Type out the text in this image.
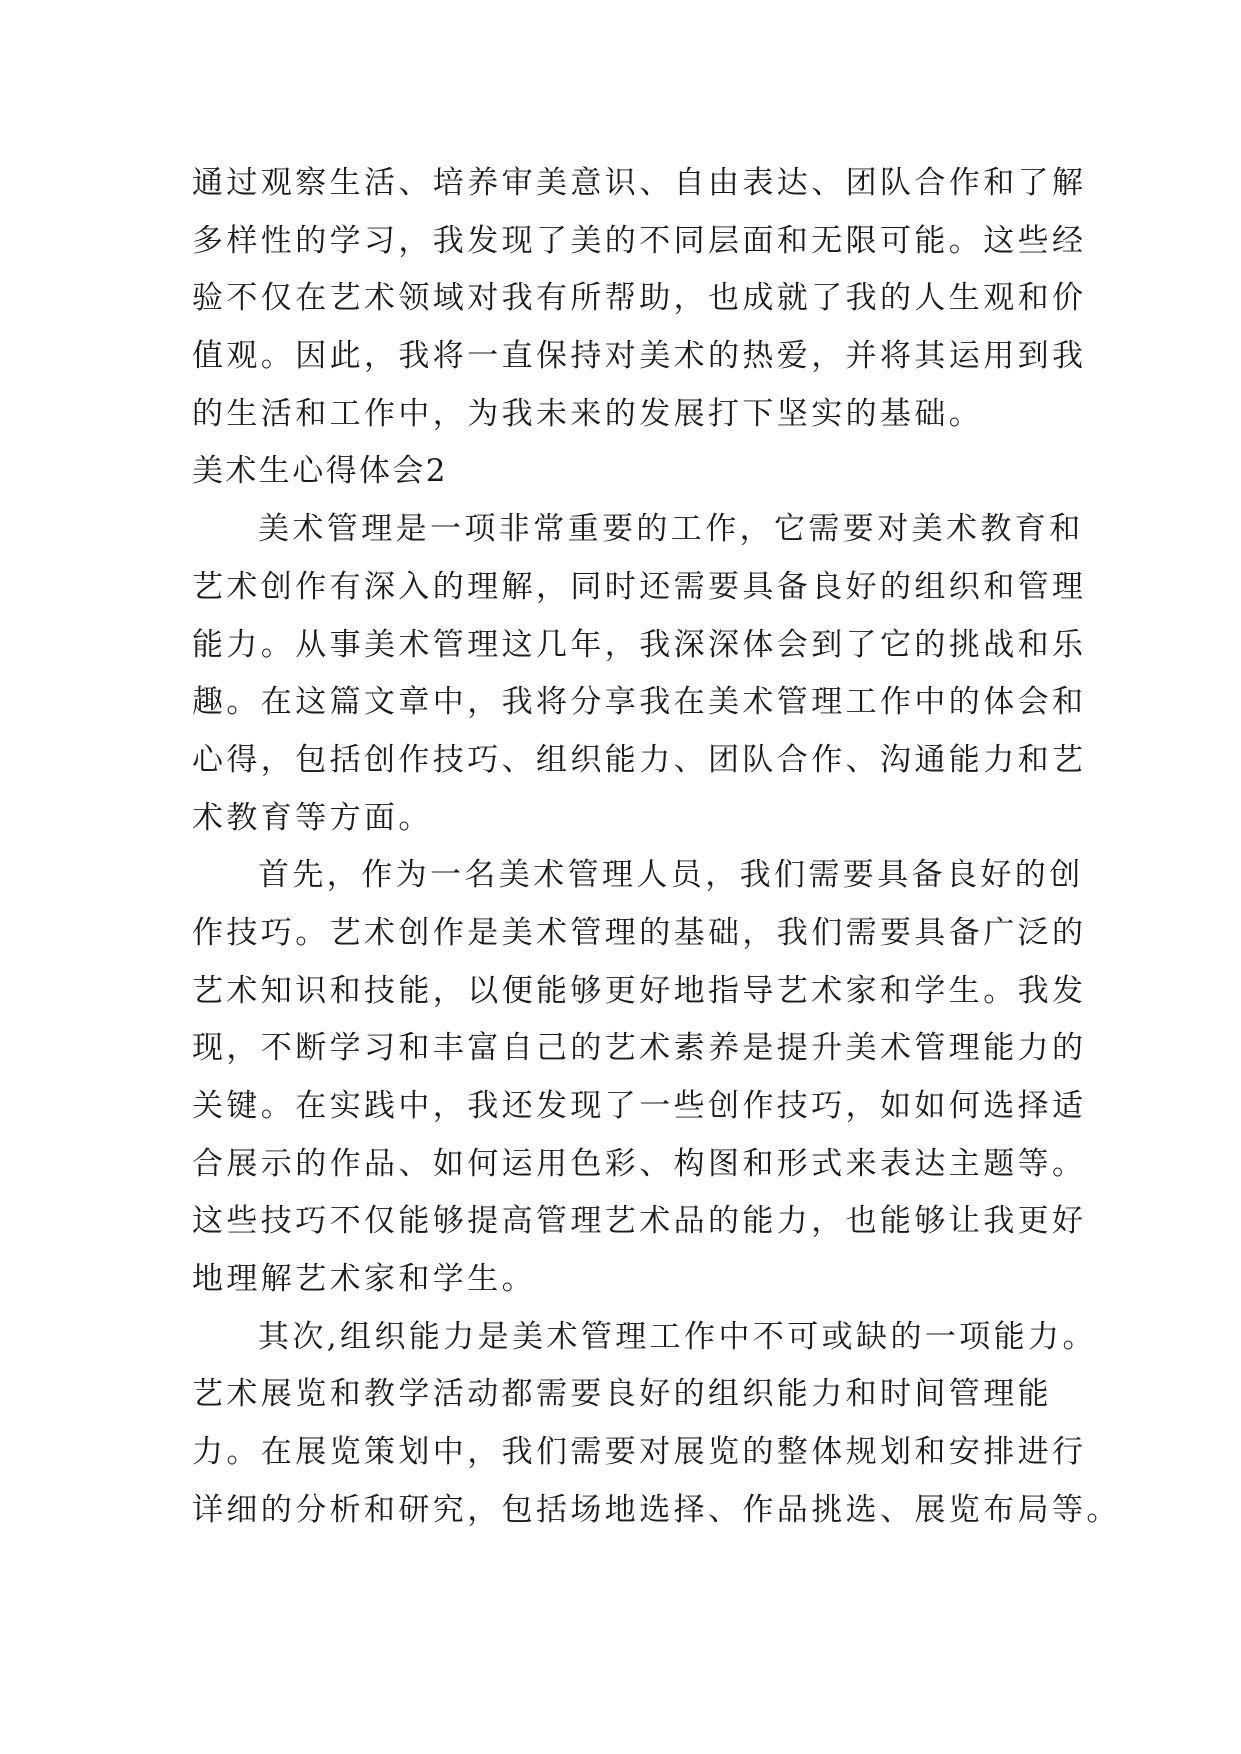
通过观察生活、培养审美意识、自由表达、团队合作和了解
多样性的学习，我发现了美的不同层面和无限可能。这些经
验不仅在艺术领域对我有所帮助，也成就了我的人生观和价
值观。因此，我将一直保持对美术的热爱，并将其运用到我
的生活和工作中，为我未来的发展打下坚实的基础。
美术生心得体会2
美术管理是一项非常重要的工作，它需要对美术教育和
艺术创作有深入的理解，同时还需要具备良好的组织和管理
能力。从事美术管理这几年，我深深体会到了它的挑战和乐
趣。在这篇文章中，我将分享我在美术管理工作中的体会和
心得，包括创作技巧、组织能力、团队合作、沟通能力和艺
术教育等方面。
首先，作为一名美术管理人员，我们需要具备良好的创
作技巧。艺术创作是美术管理的基础，我们需要具备广泛的
艺术知识和技能，以便能够更好地指导艺术家和学生。我发
现，不断学习和丰富自己的艺术素养是提升美术管理能力的
关键。在实践中，我还发现了一些创作技巧，如如何选择适
合展示的作品、如何运用色彩、构图和形式来表达主题等。
这些技巧不仅能够提高管理艺术品的能力，也能够让我更好
地理解艺术家和学生。
其次,组织能力是美术管理工作中不可或缺的一项能力。
艺术展览和教学活动都需要良好的组织能力和时间管理能
力。在展览策划中，我们需要对展览的整体规划和安排进行
详细的分析和研究，包括场地选择、作品挑选、展览布局等。
